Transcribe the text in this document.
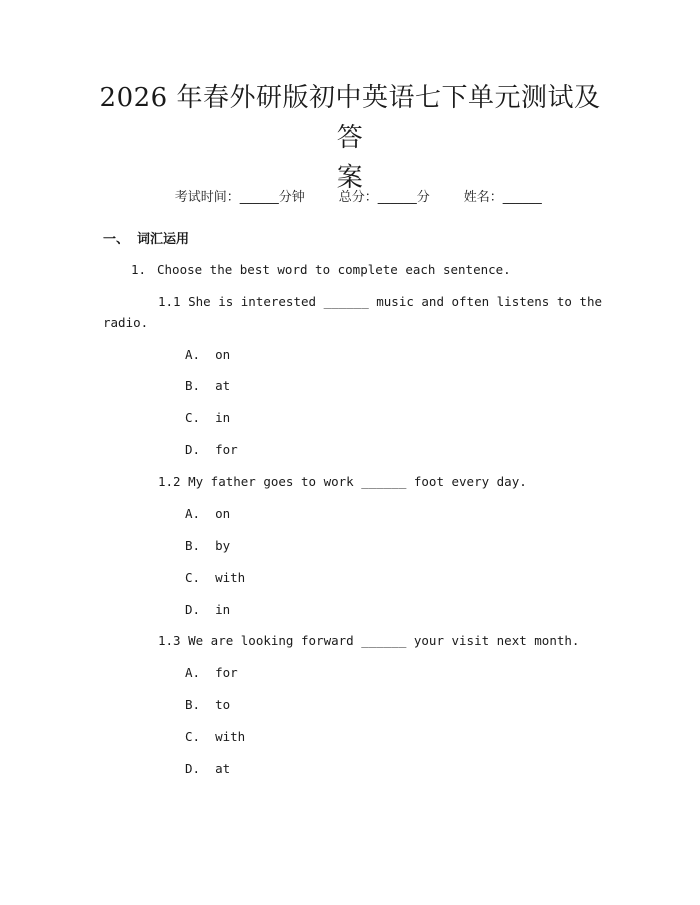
2026 年春外研版初中英语七下单元测试及答
案

考试时间：______分钟	总分：______分	姓名：______

一、 词汇运用
1. Choose the best word to complete each sentence.
1.1 She is interested ______ music and often listens to the
radio.
A.  on
B.  at
C.  in
D.  for
1.2 My father goes to work ______ foot every day.
A.  on
B.  by
C.  with
D.  in
1.3 We are looking forward ______ your visit next month.
A.  for
B.  to
C.  with
D.  at
